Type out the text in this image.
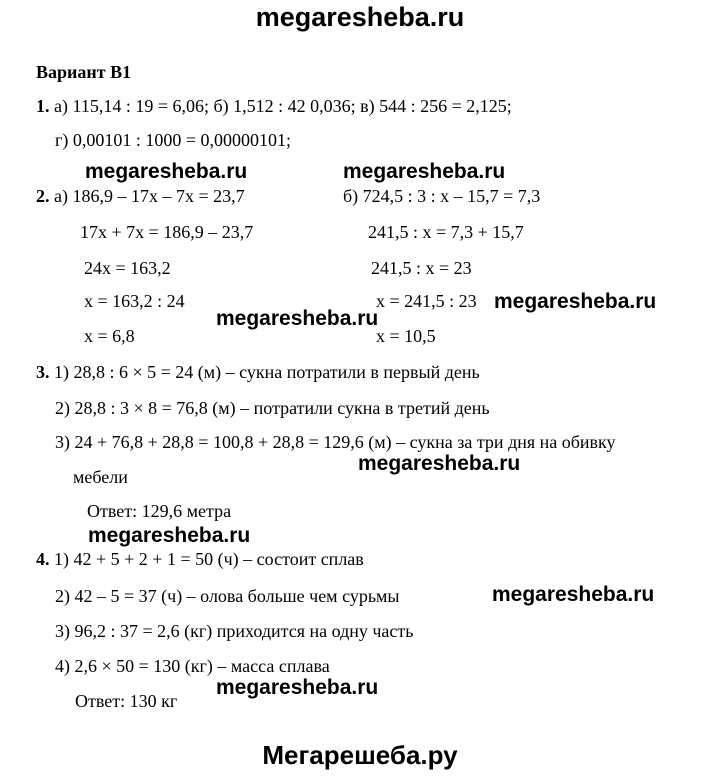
megaresheba.ru
Вариант В1
1. а) 115,14 : 19 = 6,06; б) 1,512 : 42 0,036; в) 544 : 256 = 2,125;
г) 0,00101 : 1000 = 0,00000101;
megaresheba.ru	megaresheba.ru
2. а) 186,9 – 17x – 7x = 23,7
17x + 7x = 186,9 – 23,7
24x = 163,2
x = 163,2 : 24
x = 6,8
б) 724,5 : 3 : x – 15,7 = 7,3
241,5 : x = 7,3 + 15,7
241,5 : x = 23
x = 241,5 : 23
x = 10,5
megaresheba.ru
megaresheba.ru
3. 1) 28,8 : 6 × 5 = 24 (м) – сукна потратили в первый день
2) 28,8 : 3 × 8 = 76,8 (м) – потратили сукна в третий день
3) 24 + 76,8 + 28,8 = 100,8 + 28,8 = 129,6 (м) – сукна за три дня на обивку
мебели
megaresheba.ru
Ответ: 129,6 метра
megaresheba.ru
4. 1) 42 + 5 + 2 + 1 = 50 (ч) – состоит сплав
2) 42 – 5 = 37 (ч) – олова больше чем сурьмы	megaresheba.ru
3) 96,2 : 37 = 2,6 (кг) приходится на одну часть
4) 2,6 × 50 = 130 (кг) – масса сплава
megaresheba.ru
Ответ: 130 кг
Мегарешеба.ру
